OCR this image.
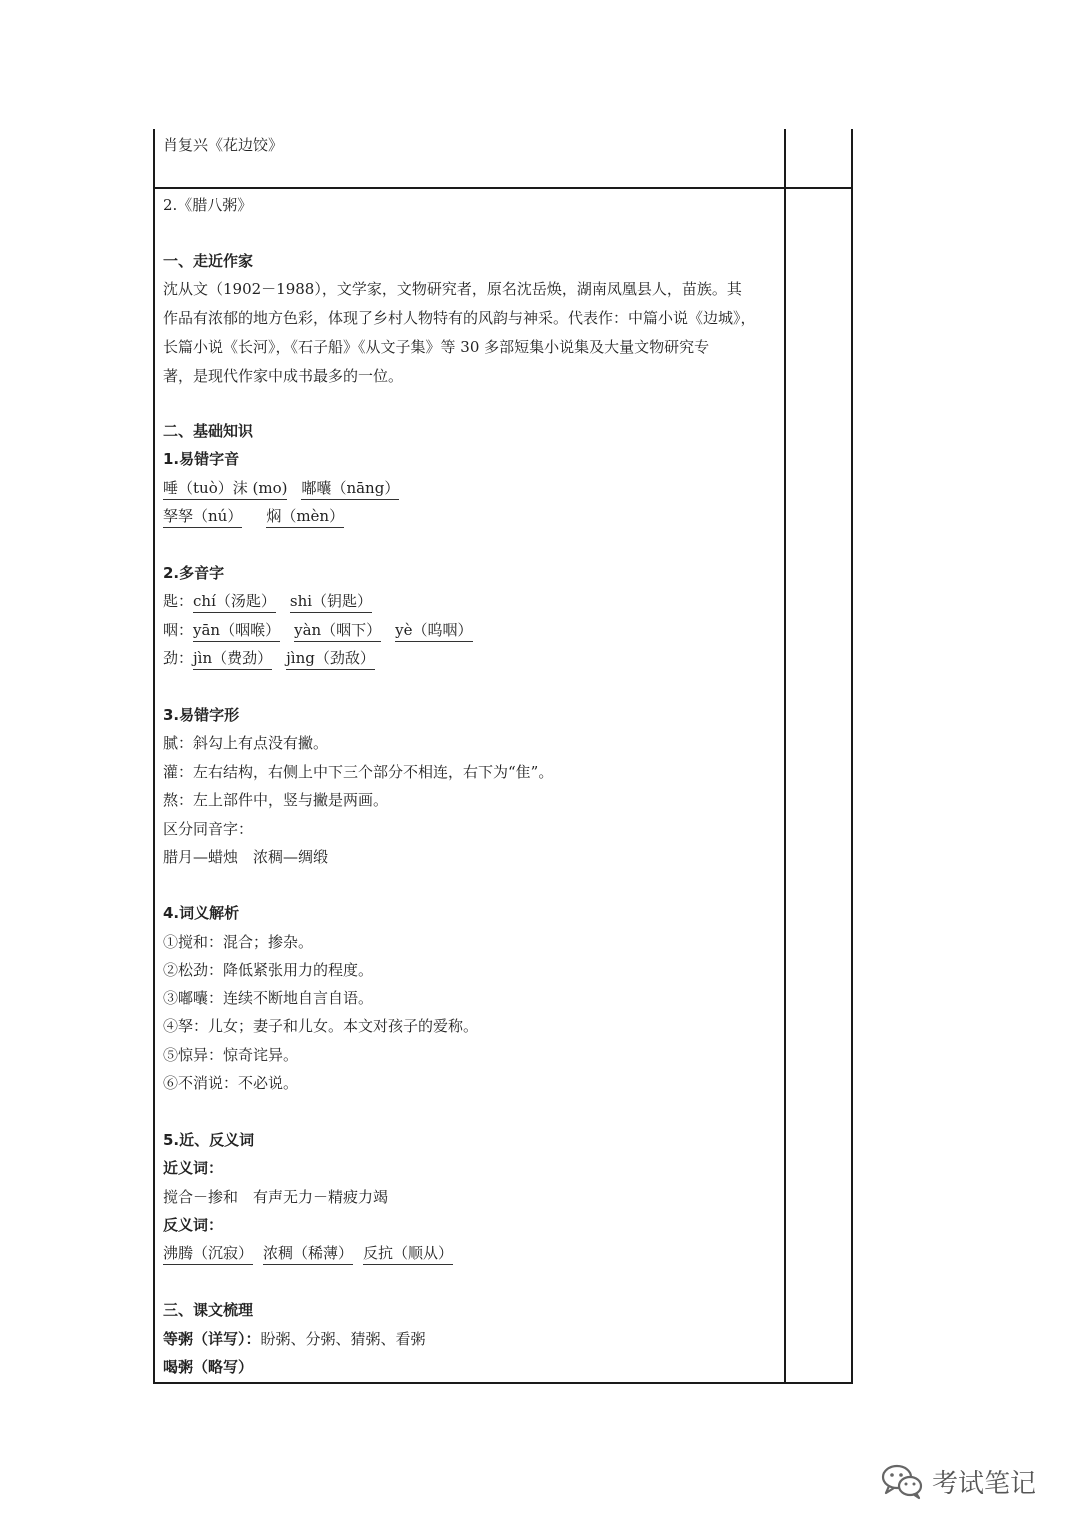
肖复兴《花边饺》
2.《腊八粥》
一、走近作家
沈从文（1902－1988），文学家，文物研究者，原名沈岳焕，湖南凤凰县人，苗族。其
作品有浓郁的地方色彩，体现了乡村人物特有的风韵与神采。代表作：中篇小说《边城》，
长篇小说《长河》，《石子船》《从文子集》等 30 多部短集小说集及大量文物研究专
著，是现代作家中成书最多的一位。
二、基础知识
1.易错字音
唾（tuò）沫 (mo) 嘟囔（nāng）
孥孥（nú） 焖（mèn）
2.多音字
匙：chí（汤匙） shi（钥匙）
咽：yān（咽喉） yàn（咽下） yè（呜咽）
劲：jìn（费劲） jìng（劲敌）
3.易错字形
腻：斜勾上有点没有撇。
灌：左右结构，右侧上中下三个部分不相连，右下为“隹”。
熬：左上部件中，竖与撇是两画。
区分同音字：
腊月—蜡烛　浓稠—绸缎
4.词义解析
①搅和：混合；掺杂。
②松劲：降低紧张用力的程度。
③嘟囔：连续不断地自言自语。
④孥：儿女；妻子和儿女。本文对孩子的爱称。
⑤惊异：惊奇诧异。
⑥不消说：不必说。
5.近、反义词
近义词：
搅合－掺和　有声无力－精疲力竭
反义词：
沸腾（沉寂） 浓稠（稀薄） 反抗（顺从）
三、课文梳理
等粥（详写）：盼粥、分粥、猜粥、看粥
喝粥（略写）
考试笔记
